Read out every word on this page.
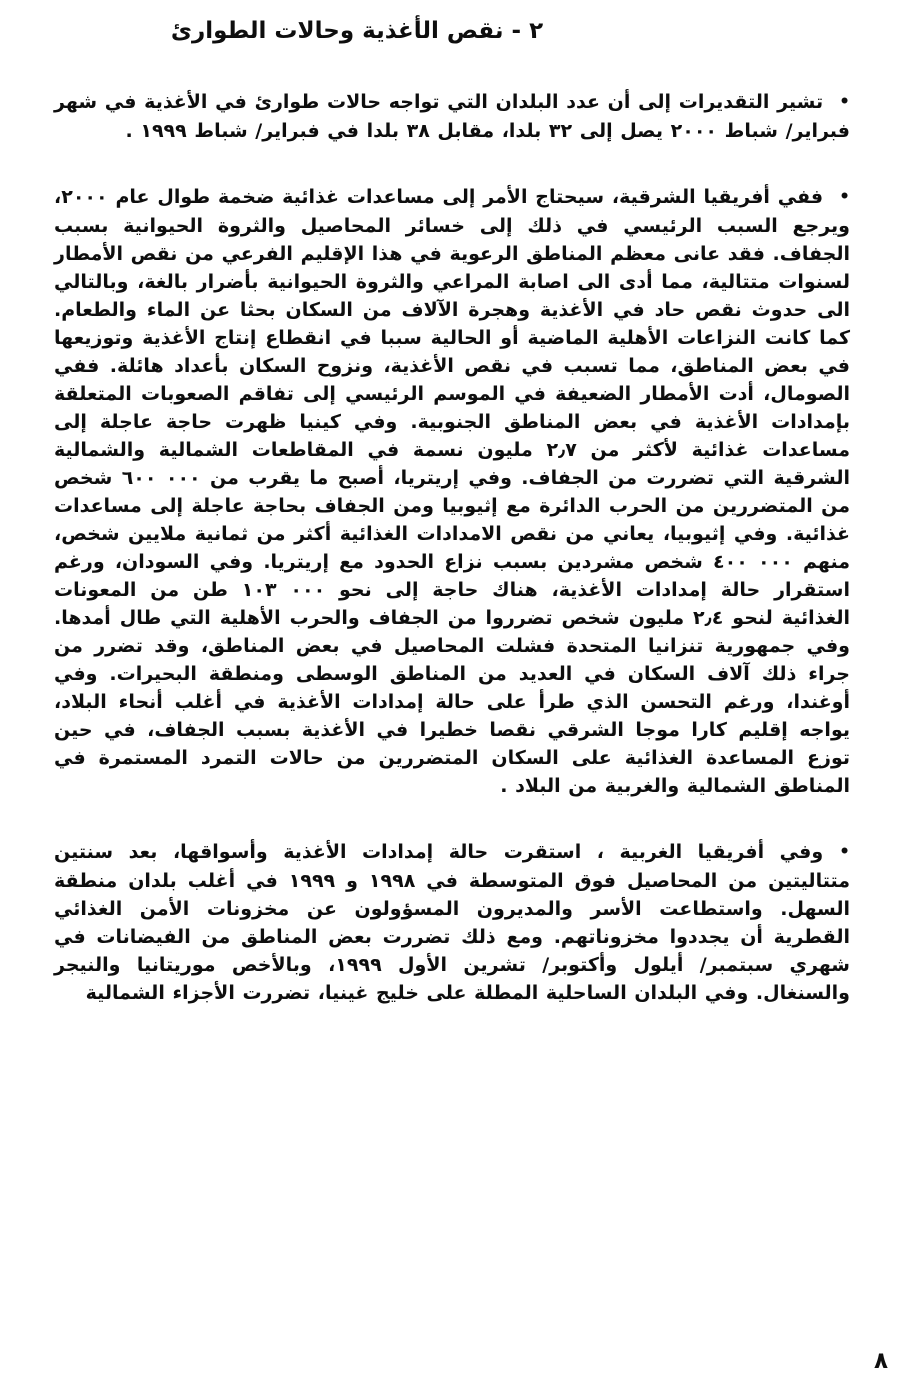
٢ - نقص الأغذية وحالات الطوارئ

•تشير التقديرات إلى أن عدد البلدان التي تواجه حالات طوارئ في الأغذية في شهر فبراير/ شباط ٢٠٠٠ يصل إلى ٣٢ بلدا، مقابل ٣٨ بلدا في فبراير/ شباط ١٩٩٩ .

•ففي أفريقيا الشرقية، سيحتاج الأمر إلى مساعدات غذائية ضخمة طوال عام ٢٠٠٠، ويرجع السبب الرئيسي في ذلك إلى خسائر المحاصيل والثروة الحيوانية بسبب الجفاف. فقد عانى معظم المناطق الرعوية في هذا الإقليم الفرعي من نقص الأمطار لسنوات متتالية، مما أدى الى اصابة المراعي والثروة الحيوانية بأضرار بالغة، وبالتالي الى حدوث نقص حاد في الأغذية وهجرة الآلاف من السكان بحثا عن الماء والطعام. كما كانت النزاعات الأهلية الماضية أو الحالية سببا في انقطاع إنتاج الأغذية وتوزيعها في بعض المناطق، مما تسبب في نقص الأغذية، ونزوح السكان بأعداد هائلة. ففي الصومال، أدت الأمطار الضعيفة في الموسم الرئيسي إلى تفاقم الصعوبات المتعلقة بإمدادات الأغذية في بعض المناطق الجنوبية. وفي كينيا ظهرت حاجة عاجلة إلى مساعدات غذائية لأكثر من ٢٫٧ مليون نسمة في المقاطعات الشمالية والشمالية الشرقية التي تضررت من الجفاف. وفي إريتريا، أصبح ما يقرب من ٦٠٠ ٠٠٠ شخص من المتضررين من الحرب الدائرة مع إثيوبيا ومن الجفاف بحاجة عاجلة إلى مساعدات غذائية. وفي إثيوبيا، يعاني من نقص الامدادات الغذائية أكثر من ثمانية ملايين شخص، منهم ٤٠٠ ٠٠٠ شخص مشردين بسبب نزاع الحدود مع إريتريا. وفي السودان، ورغم استقرار حالة إمدادات الأغذية، هناك حاجة إلى نحو ١٠٣ ٠٠٠ طن من المعونات الغذائية لنحو ٢٫٤ مليون شخص تضرروا من الجفاف والحرب الأهلية التي طال أمدها. وفي جمهورية تنزانيا المتحدة فشلت المحاصيل في بعض المناطق، وقد تضرر من جراء ذلك آلاف السكان في العديد من المناطق الوسطى ومنطقة البحيرات. وفي أوغندا، ورغم التحسن الذي طرأ على حالة إمدادات الأغذية في أغلب أنحاء البلاد، يواجه إقليم كارا موجا الشرقي نقصا خطيرا في الأغذية بسبب الجفاف، في حين توزع المساعدة الغذائية على السكان المتضررين من حالات التمرد المستمرة في المناطق الشمالية والغربية من البلاد .

•وفي أفريقيا الغربية ، استقرت حالة إمدادات الأغذية وأسواقها، بعد سنتين متتاليتين من المحاصيل فوق المتوسطة في ١٩٩٨ و ١٩٩٩ في أغلب بلدان منطقة السهل. واستطاعت الأسر والمديرون المسؤولون عن مخزونات الأمن الغذائي القطرية أن يجددوا مخزوناتهم. ومع ذلك تضررت بعض المناطق من الفيضانات في شهري سبتمبر/ أيلول وأكتوبر/ تشرين الأول ١٩٩٩، وبالأخص موريتانيا والنيجر والسنغال. وفي البلدان الساحلية المطلة على خليج غينيا، تضررت الأجزاء الشمالية

٨
